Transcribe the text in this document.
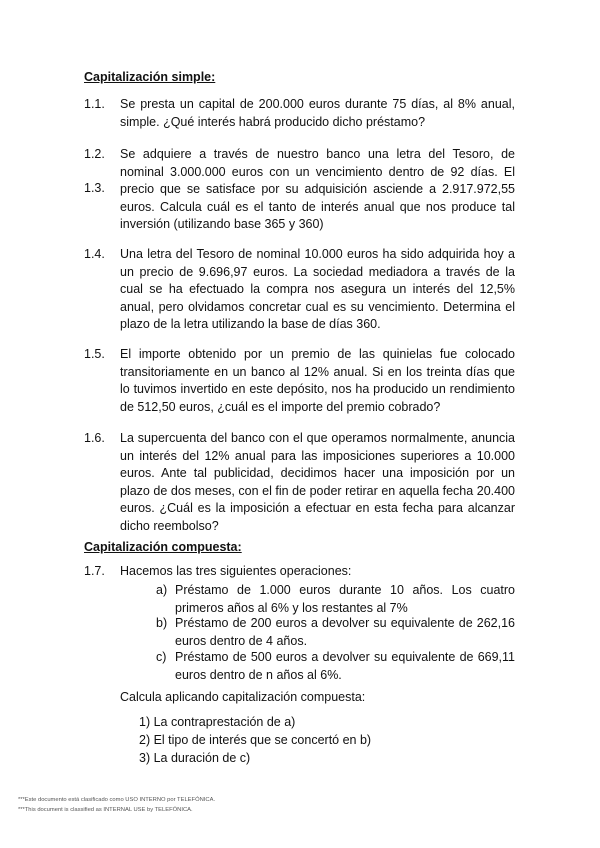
Capitalización simple:
1.1. Se presta un capital de 200.000 euros durante 75 días, al 8% anual, simple. ¿Qué interés habrá producido dicho préstamo?
1.2. Se adquiere a través de nuestro banco una letra del Tesoro, de nominal 3.000.000 euros con un vencimiento dentro de 92 días. El precio que se satisface por su adquisición asciende a 2.917.972,55 euros. Calcula cuál es el tanto de interés anual que nos produce tal inversión (utilizando base 365 y 360)
1.3.
1.4. Una letra del Tesoro de nominal 10.000 euros ha sido adquirida hoy a un precio de 9.696,97 euros. La sociedad mediadora a través de la cual se ha efectuado la compra nos asegura un interés del 12,5% anual, pero olvidamos concretar cual es su vencimiento. Determina el plazo de la letra utilizando la base de días 360.
1.5. El importe obtenido por un premio de las quinielas fue colocado transitoriamente en un banco al 12% anual. Si en los treinta días que lo tuvimos invertido en este depósito, nos ha producido un rendimiento de 512,50 euros, ¿cuál es el importe del premio cobrado?
1.6. La supercuenta del banco con el que operamos normalmente, anuncia un interés del 12% anual para las imposiciones superiores a 10.000 euros. Ante tal publicidad, decidimos hacer una imposición por un plazo de dos meses, con el fin de poder retirar en aquella fecha 20.400 euros. ¿Cuál es la imposición a efectuar en esta fecha para alcanzar dicho reembolso?
Capitalización compuesta:
1.7. Hacemos las tres siguientes operaciones:
a) Préstamo de 1.000 euros durante 10 años. Los cuatro primeros años al 6% y los restantes al 7%
b) Préstamo de 200 euros a devolver su equivalente de 262,16 euros dentro de 4 años.
c) Préstamo de 500 euros a devolver su equivalente de 669,11 euros dentro de n años al 6%.
Calcula aplicando capitalización compuesta:
1) La contraprestación de a)
2) El tipo de interés que se concertó en b)
3) La duración de c)
***Este documento está clasificado como USO INTERNO por TELEFÓNICA.
***This document is classified as INTERNAL USE by TELEFÓNICA.
